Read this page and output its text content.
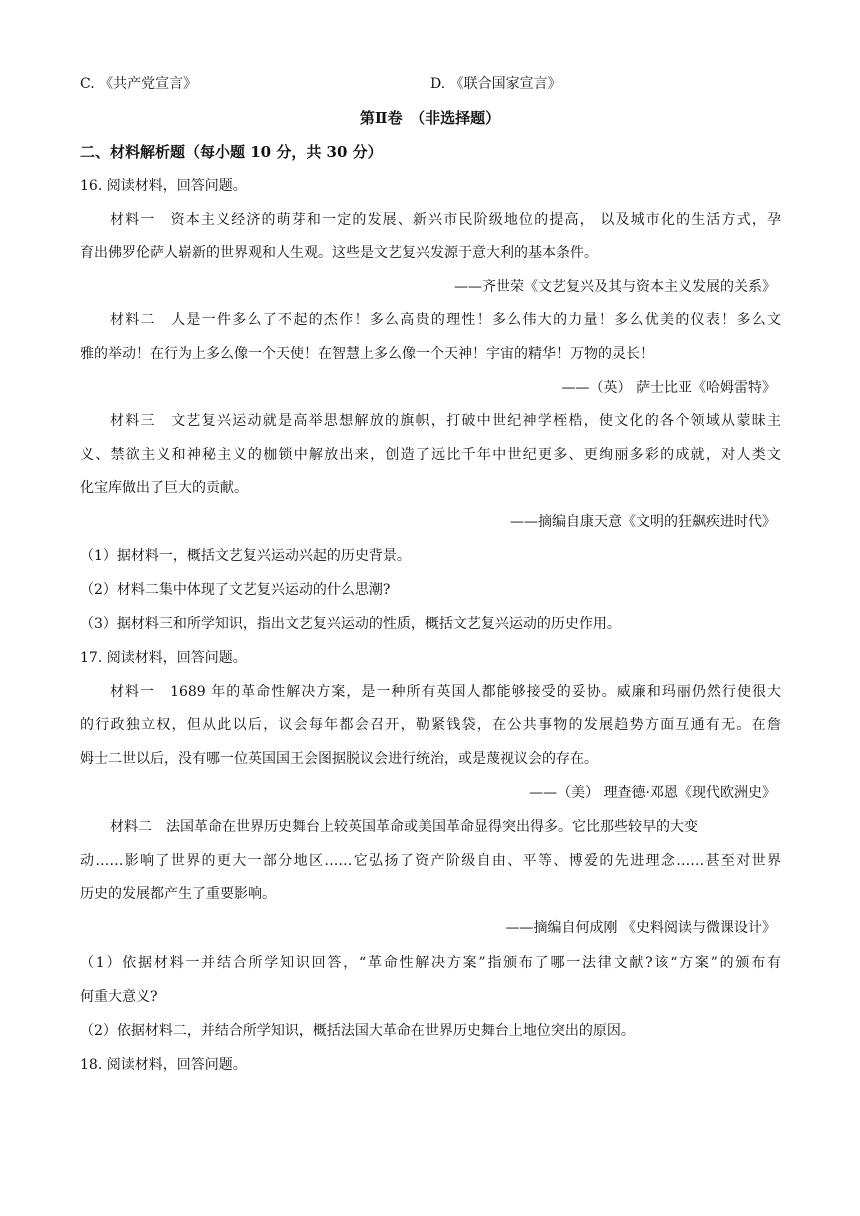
C. 《共产党宣言》	D. 《联合国家宣言》
第Ⅱ卷　（非选择题）
二、材料解析题（每小题 10 分，共 30 分）
16. 阅读材料，回答问题。
材料一　资本主义经济的萌芽和一定的发展、新兴市民阶级地位的提高， 以及城市化的生活方式，孕
育出佛罗伦萨人崭新的世界观和人生观。这些是文艺复兴发源于意大利的基本条件。
——齐世荣《文艺复兴及其与资本主义发展的关系》
材料二　人是一件多么了不起的杰作！多么高贵的理性！多么伟大的力量！多么优美的仪表！多么文
雅的举动！在行为上多么像一个天使！在智慧上多么像一个天神！宇宙的精华！万物的灵长！
——（英） 萨士比亚《哈姆雷特》
材料三　文艺复兴运动就是高举思想解放的旗帜，打破中世纪神学桎梏，使文化的各个领域从蒙昧主
义、禁欲主义和神秘主义的枷锁中解放出来，创造了远比千年中世纪更多、更绚丽多彩的成就，对人类文
化宝库做出了巨大的贡献。
——摘编自康天意《文明的狂飙疾进时代》
（1）据材料一，概括文艺复兴运动兴起的历史背景。
（2）材料二集中体现了文艺复兴运动的什么思潮?
（3）据材料三和所学知识，指出文艺复兴运动的性质，概括文艺复兴运动的历史作用。
17. 阅读材料，回答问题。
材料一　1689 年的革命性解决方案，是一种所有英国人都能够接受的妥协。威廉和玛丽仍然行使很大
的行政独立权，但从此以后，议会每年都会召开，勒紧钱袋，在公共事物的发展趋势方面互通有无。在詹
姆士二世以后，没有哪一位英国国王会图据脱议会进行统治，或是蔑视议会的存在。
——（美） 理查德·邓恩《现代欧洲史》
材料二　法国革命在世界历史舞台上较英国革命或美国革命显得突出得多。它比那些较早的大变
动……影响了世界的更大一部分地区……它弘扬了资产阶级自由、平等、博爱的先进理念……甚至对世界
历史的发展都产生了重要影响。
——摘编自何成刚 《史料阅读与微课设计》
（1）依据材料一并结合所学知识回答，“革命性解决方案”指颁布了哪一法律文献?该“方案”的颁布有
何重大意义?
（2）依据材料二，并结合所学知识，概括法国大革命在世界历史舞台上地位突出的原因。
18. 阅读材料，回答问题。
